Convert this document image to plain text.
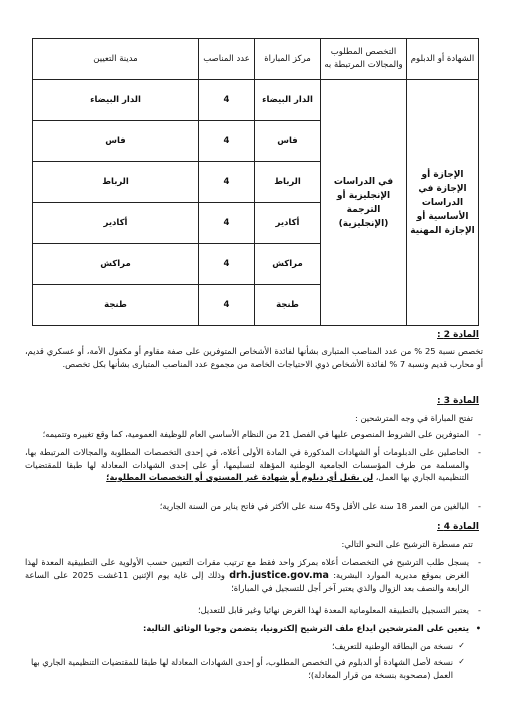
الشهادة أو الدبلوم	التخصص المطلوب والمجالات المرتبطة به	مركز المباراة	عدد المناصب	مدينة التعيين
الإجازة أو الإجازة في الدراسات الأساسية أو الإجازة المهنية	في الدراسات الإنجليزية أو الترجمة (الإنجليزية)	الدار البيضاء	4	الدار البيضاء
		فاس	4	فاس
		الرباط	4	الرباط
		أكادير	4	أكادير
		مراكش	4	مراكش
		طنجة	4	طنجة
المادة 2 :
تخصص نسبة 25 % من عدد المناصب المتبارى بشأنها لفائدة الأشخاص المتوفرين على صفة مقاوم أو مكفول الأمة، أو عسكري قديم، أو محارب قديم ونسبة 7 % لفائدة الأشخاص ذوي الاحتياجات الخاصة من مجموع عدد المناصب المتبارى بشأنها بكل تخصص.
المادة 3 :
تفتح المباراة في وجه المترشحين :
- المتوفرين على الشروط المنصوص عليها في الفصل 21 من النظام الأساسي العام للوظيفة العمومية، كما وقع تغييره وتتميمه؛
- الحاصلين على الدبلومات أو الشهادات المذكورة في المادة الأولى أعلاه، في إحدى التخصصات المطلوبة والمجالات المرتبطة بها، والمسلمة من طرف المؤسسات الجامعية الوطنية المؤهلة لتسليمها، أو على إحدى الشهادات المعادلة لها طبقا للمقتضيات التنظيمية الجاري بها العمل، لن يقبل أي دبلوم أو شهادة غير المستوى أو التخصصات المطلوبة؛
- البالغين من العمر 18 سنة على الأقل و45 سنة على الأكثر في فاتح يناير من السنة الجارية؛
المادة 4 :
تتم مسطرة الترشيح على النحو التالي:
- يسجل طلب الترشيح في التخصصات أعلاه بمركز واحد فقط مع ترتيب مقرات التعيين حسب الأولوية على التطبيقية المعدة لهذا الغرض بموقع مديرية الموارد البشرية: drh.justice.gov.ma وذلك إلى غاية يوم الإثنين 11غشت 2025 على الساعة الرابعة والنصف بعد الزوال والذي يعتبر آخر أجل للتسجيل في المباراة؛
- يعتبر التسجيل بالتطبيقة المعلوماتية المعدة لهذا الغرض نهائيا وغير قابل للتعديل؛
• يتعين على المترشحين ايداع ملف الترشيح إلكترونيا، يتضمن وجوبا الوثائق التالية:
✓ نسخة من البطاقة الوطنية للتعريف؛
✓ نسخة لأصل الشهادة أو الدبلوم في التخصص المطلوب، أو إحدى الشهادات المعادلة لها طبقا للمقتضيات التنظيمية الجاري بها العمل (مصحوبة بنسخة من قرار المعادلة)؛
